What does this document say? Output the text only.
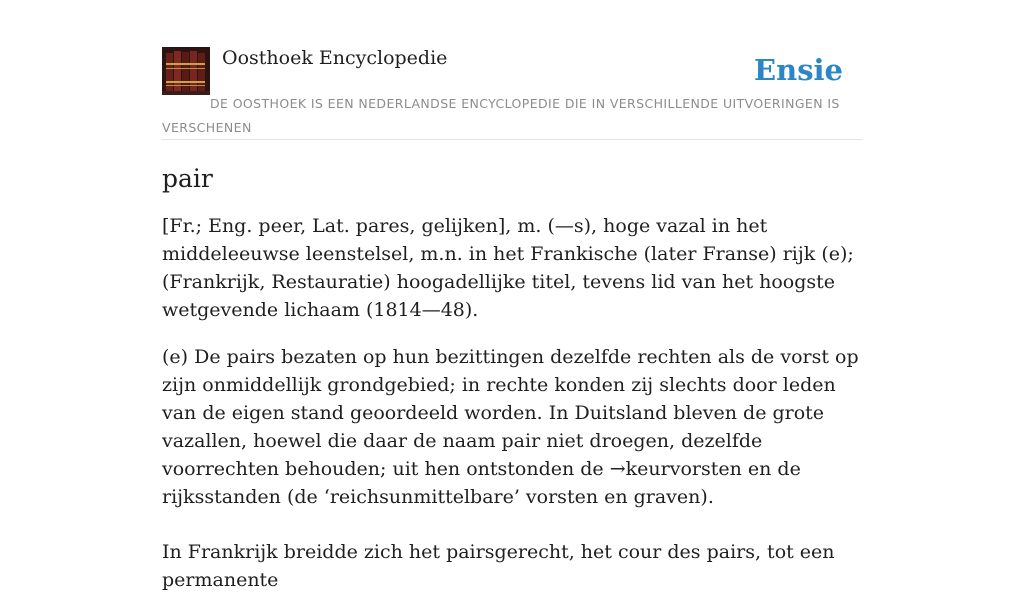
Oosthoek Encyclopedie	Ensie
DE OOSTHOEK IS EEN NEDERLANDSE ENCYCLOPEDIE DIE IN VERSCHILLENDE UITVOERINGEN IS VERSCHENEN
pair

[Fr.; Eng. peer, Lat. pares, gelijken], m. (—s), hoge vazal in het middeleeuwse leenstelsel, m.n. in het Frankische (later Franse) rijk (e); (Frankrijk, Restauratie) hoogadellijke titel, tevens lid van het hoogste wetgevende lichaam (1814—48).

(e) De pairs bezaten op hun bezittingen dezelfde rechten als de vorst op zijn onmiddellijk grondgebied; in rechte konden zij slechts door leden van de eigen stand geoordeeld worden. In Duitsland bleven de grote vazallen, hoewel die daar de naam pair niet droegen, dezelfde voorrechten behouden; uit hen ontstonden de →keurvorsten en de rijksstanden (de ‘reichsunmittelbare’ vorsten en graven).

In Frankrijk breidde zich het pairsgerecht, het cour des pairs, tot een permanente
